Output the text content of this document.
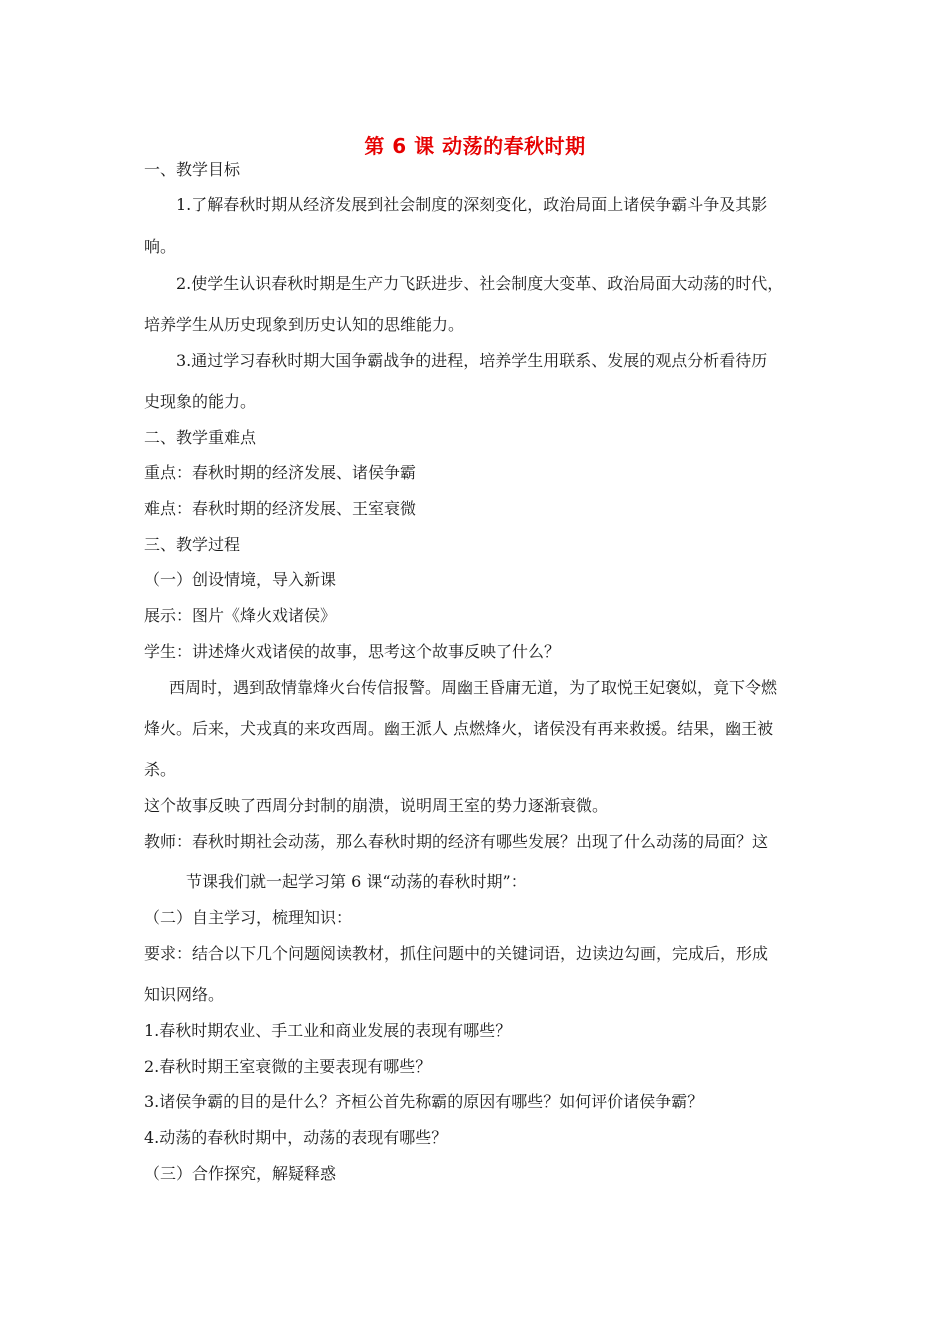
第 6 课 动荡的春秋时期
一、教学目标
1.了解春秋时期从经济发展到社会制度的深刻变化，政治局面上诸侯争霸斗争及其影
响。
2.使学生认识春秋时期是生产力飞跃进步、社会制度大变革、政治局面大动荡的时代，
培养学生从历史现象到历史认知的思维能力。
3.通过学习春秋时期大国争霸战争的进程，培养学生用联系、发展的观点分析看待历
史现象的能力。
二、教学重难点
重点：春秋时期的经济发展、诸侯争霸
难点：春秋时期的经济发展、王室衰微
三、教学过程
（一）创设情境，导入新课
展示：图片《烽火戏诸侯》
学生：讲述烽火戏诸侯的故事，思考这个故事反映了什么？
西周时，遇到敌情靠烽火台传信报警。周幽王昏庸无道，为了取悦王妃褒姒，竟下令燃
烽火。后来，犬戎真的来攻西周。幽王派人 点燃烽火，诸侯没有再来救援。结果，幽王被
杀。
这个故事反映了西周分封制的崩溃，说明周王室的势力逐渐衰微。
教师：春秋时期社会动荡，那么春秋时期的经济有哪些发展？出现了什么动荡的局面？这
节课我们就一起学习第 6 课“动荡的春秋时期”：
（二）自主学习，梳理知识：
要求：结合以下几个问题阅读教材，抓住问题中的关键词语，边读边勾画，完成后，形成
知识网络。
1.春秋时期农业、手工业和商业发展的表现有哪些？
2.春秋时期王室衰微的主要表现有哪些？
3.诸侯争霸的目的是什么？齐桓公首先称霸的原因有哪些？如何评价诸侯争霸？
4.动荡的春秋时期中，动荡的表现有哪些？
（三）合作探究，解疑释惑
